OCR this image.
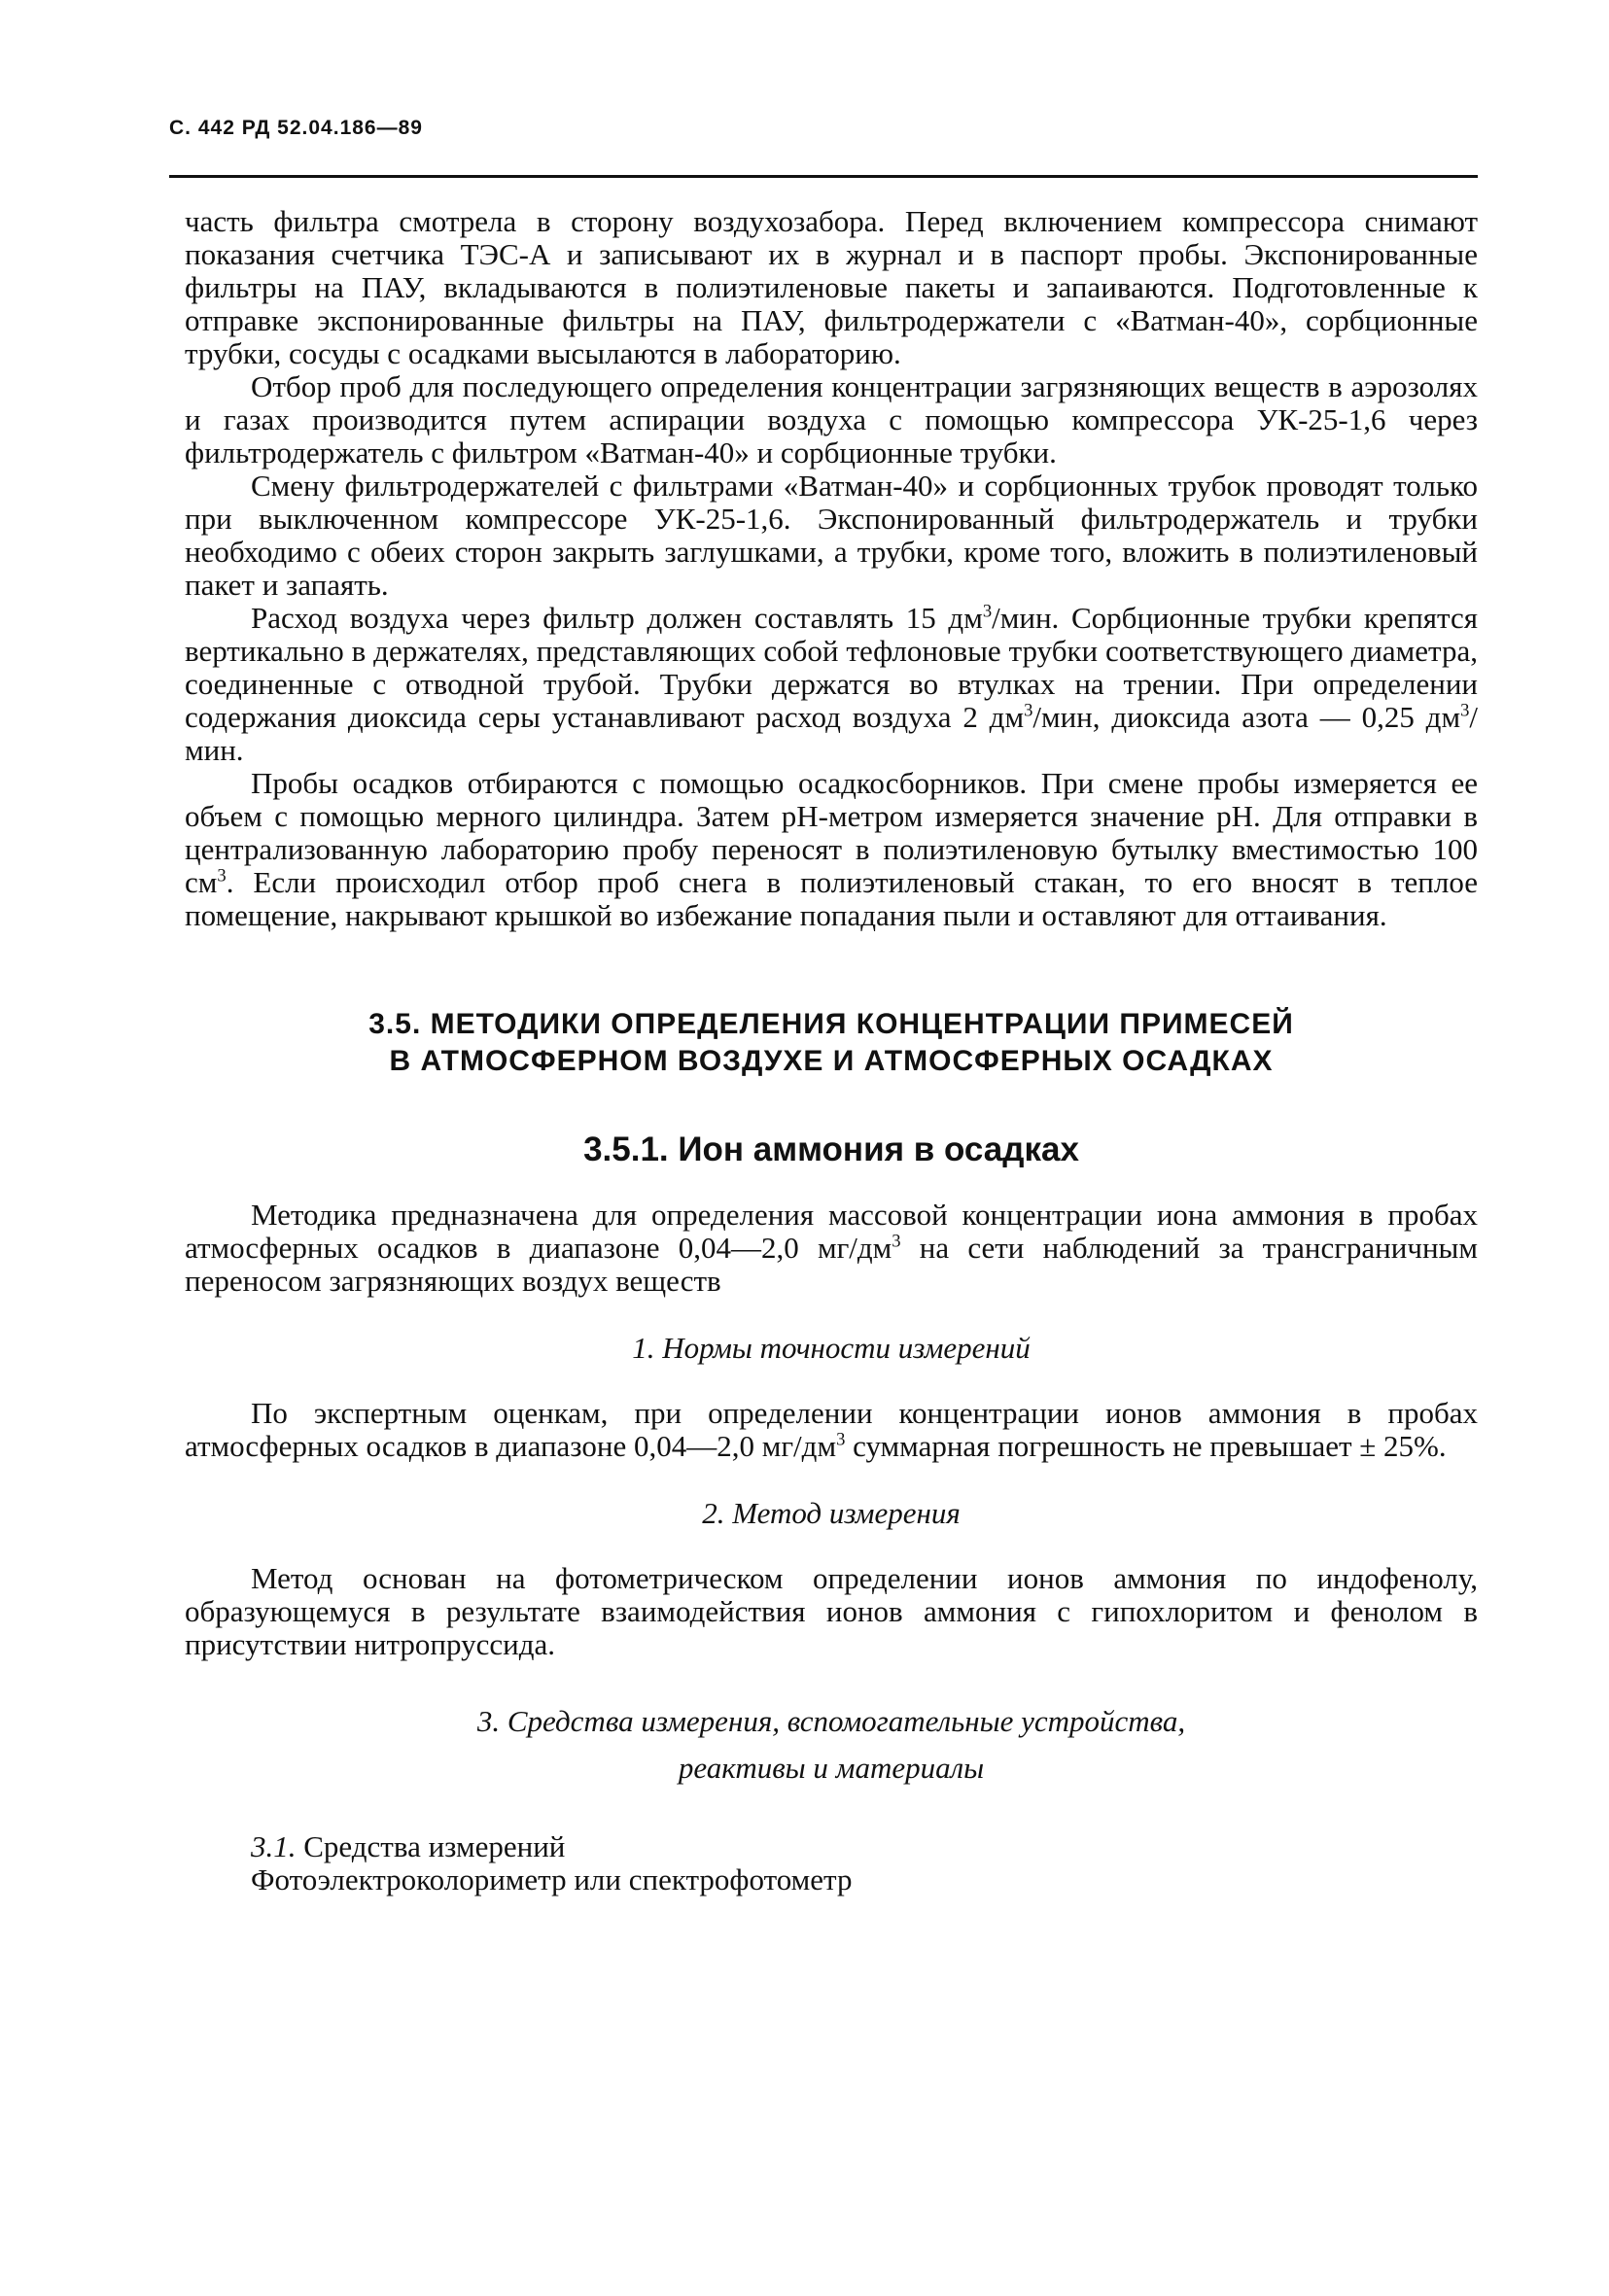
С. 442 РД 52.04.186—89

часть фильтра смотрела в сторону воздухозабора. Перед включением компрессора снимают показания счетчика ТЭС-А и записывают их в журнал и в паспорт пробы. Экспонированные фильтры на ПАУ, вкладываются в полиэтиленовые пакеты и запаиваются. Подготовленные к отправке экспонированные фильтры на ПАУ, фильтродержатели с «Ватман-40», сорбционные трубки, сосуды с осадками высылаются в лабораторию.

Отбор проб для последующего определения концентрации загрязняющих веществ в аэрозолях и газах производится путем аспирации воздуха с помощью компрессора УК-25-1,6 через фильтродержатель с фильтром «Ватман-40» и сорбционные трубки.

Смену фильтродержателей с фильтрами «Ватман-40» и сорбционных трубок проводят только при выключенном компрессоре УК-25-1,6. Экспонированный фильтродержатель и трубки необходимо с обеих сторон закрыть заглушками, а трубки, кроме того, вложить в полиэтиленовый пакет и запаять.

Расход воздуха через фильтр должен составлять 15 $дм^3$/мин. Сорбционные трубки крепятся вертикально в держателях, представляющих собой тефлоновые трубки соответствующего диаметра, соединенные с отводной трубой. Трубки держатся во втулках на трении. При определении содержания диоксида серы устанавливают расход воздуха 2 $дм^3$/мин, диоксида азота — 0,25 $дм^3$/мин.

Пробы осадков отбираются с помощью осадкосборников. При смене пробы измеряется ее объем с помощью мерного цилиндра. Затем рН-метром измеряется значение рН. Для отправки в централизованную лабораторию пробу переносят в полиэтиленовую бутылку вместимостью 100 $см^3$. Если происходил отбор проб снега в полиэтиленовый стакан, то его вносят в теплое помещение, накрывают крышкой во избежание попадания пыли и оставляют для оттаивания.

3.5. МЕТОДИКИ ОПРЕДЕЛЕНИЯ КОНЦЕНТРАЦИИ ПРИМЕСЕЙ
В АТМОСФЕРНОМ ВОЗДУХЕ И АТМОСФЕРНЫХ ОСАДКАХ
3.5.1. Ион аммония в осадках

Методика предназначена для определения массовой концентрации иона аммония в пробах атмосферных осадков в диапазоне 0,04—2,0 $мг/дм^3$ на сети наблюдений за трансграничным переносом загрязняющих воздух веществ

1. Нормы точности измерений

По экспертным оценкам, при определении концентрации ионов аммония в пробах атмосферных осадков в диапазоне 0,04—2,0 $мг/дм^3$ суммарная погрешность не превышает ± 25%.

2. Метод измерения

Метод основан на фотометрическом определении ионов аммония по индофенолу, образующемуся в результате взаимодействия ионов аммония с гипохлоритом и фенолом в присутствии нитропруссида.

3. Средства измерения, вспомогательные устройства,
реактивы и материалы

3.1. Средства измерений

Фотоэлектроколориметр или спектрофотометр
